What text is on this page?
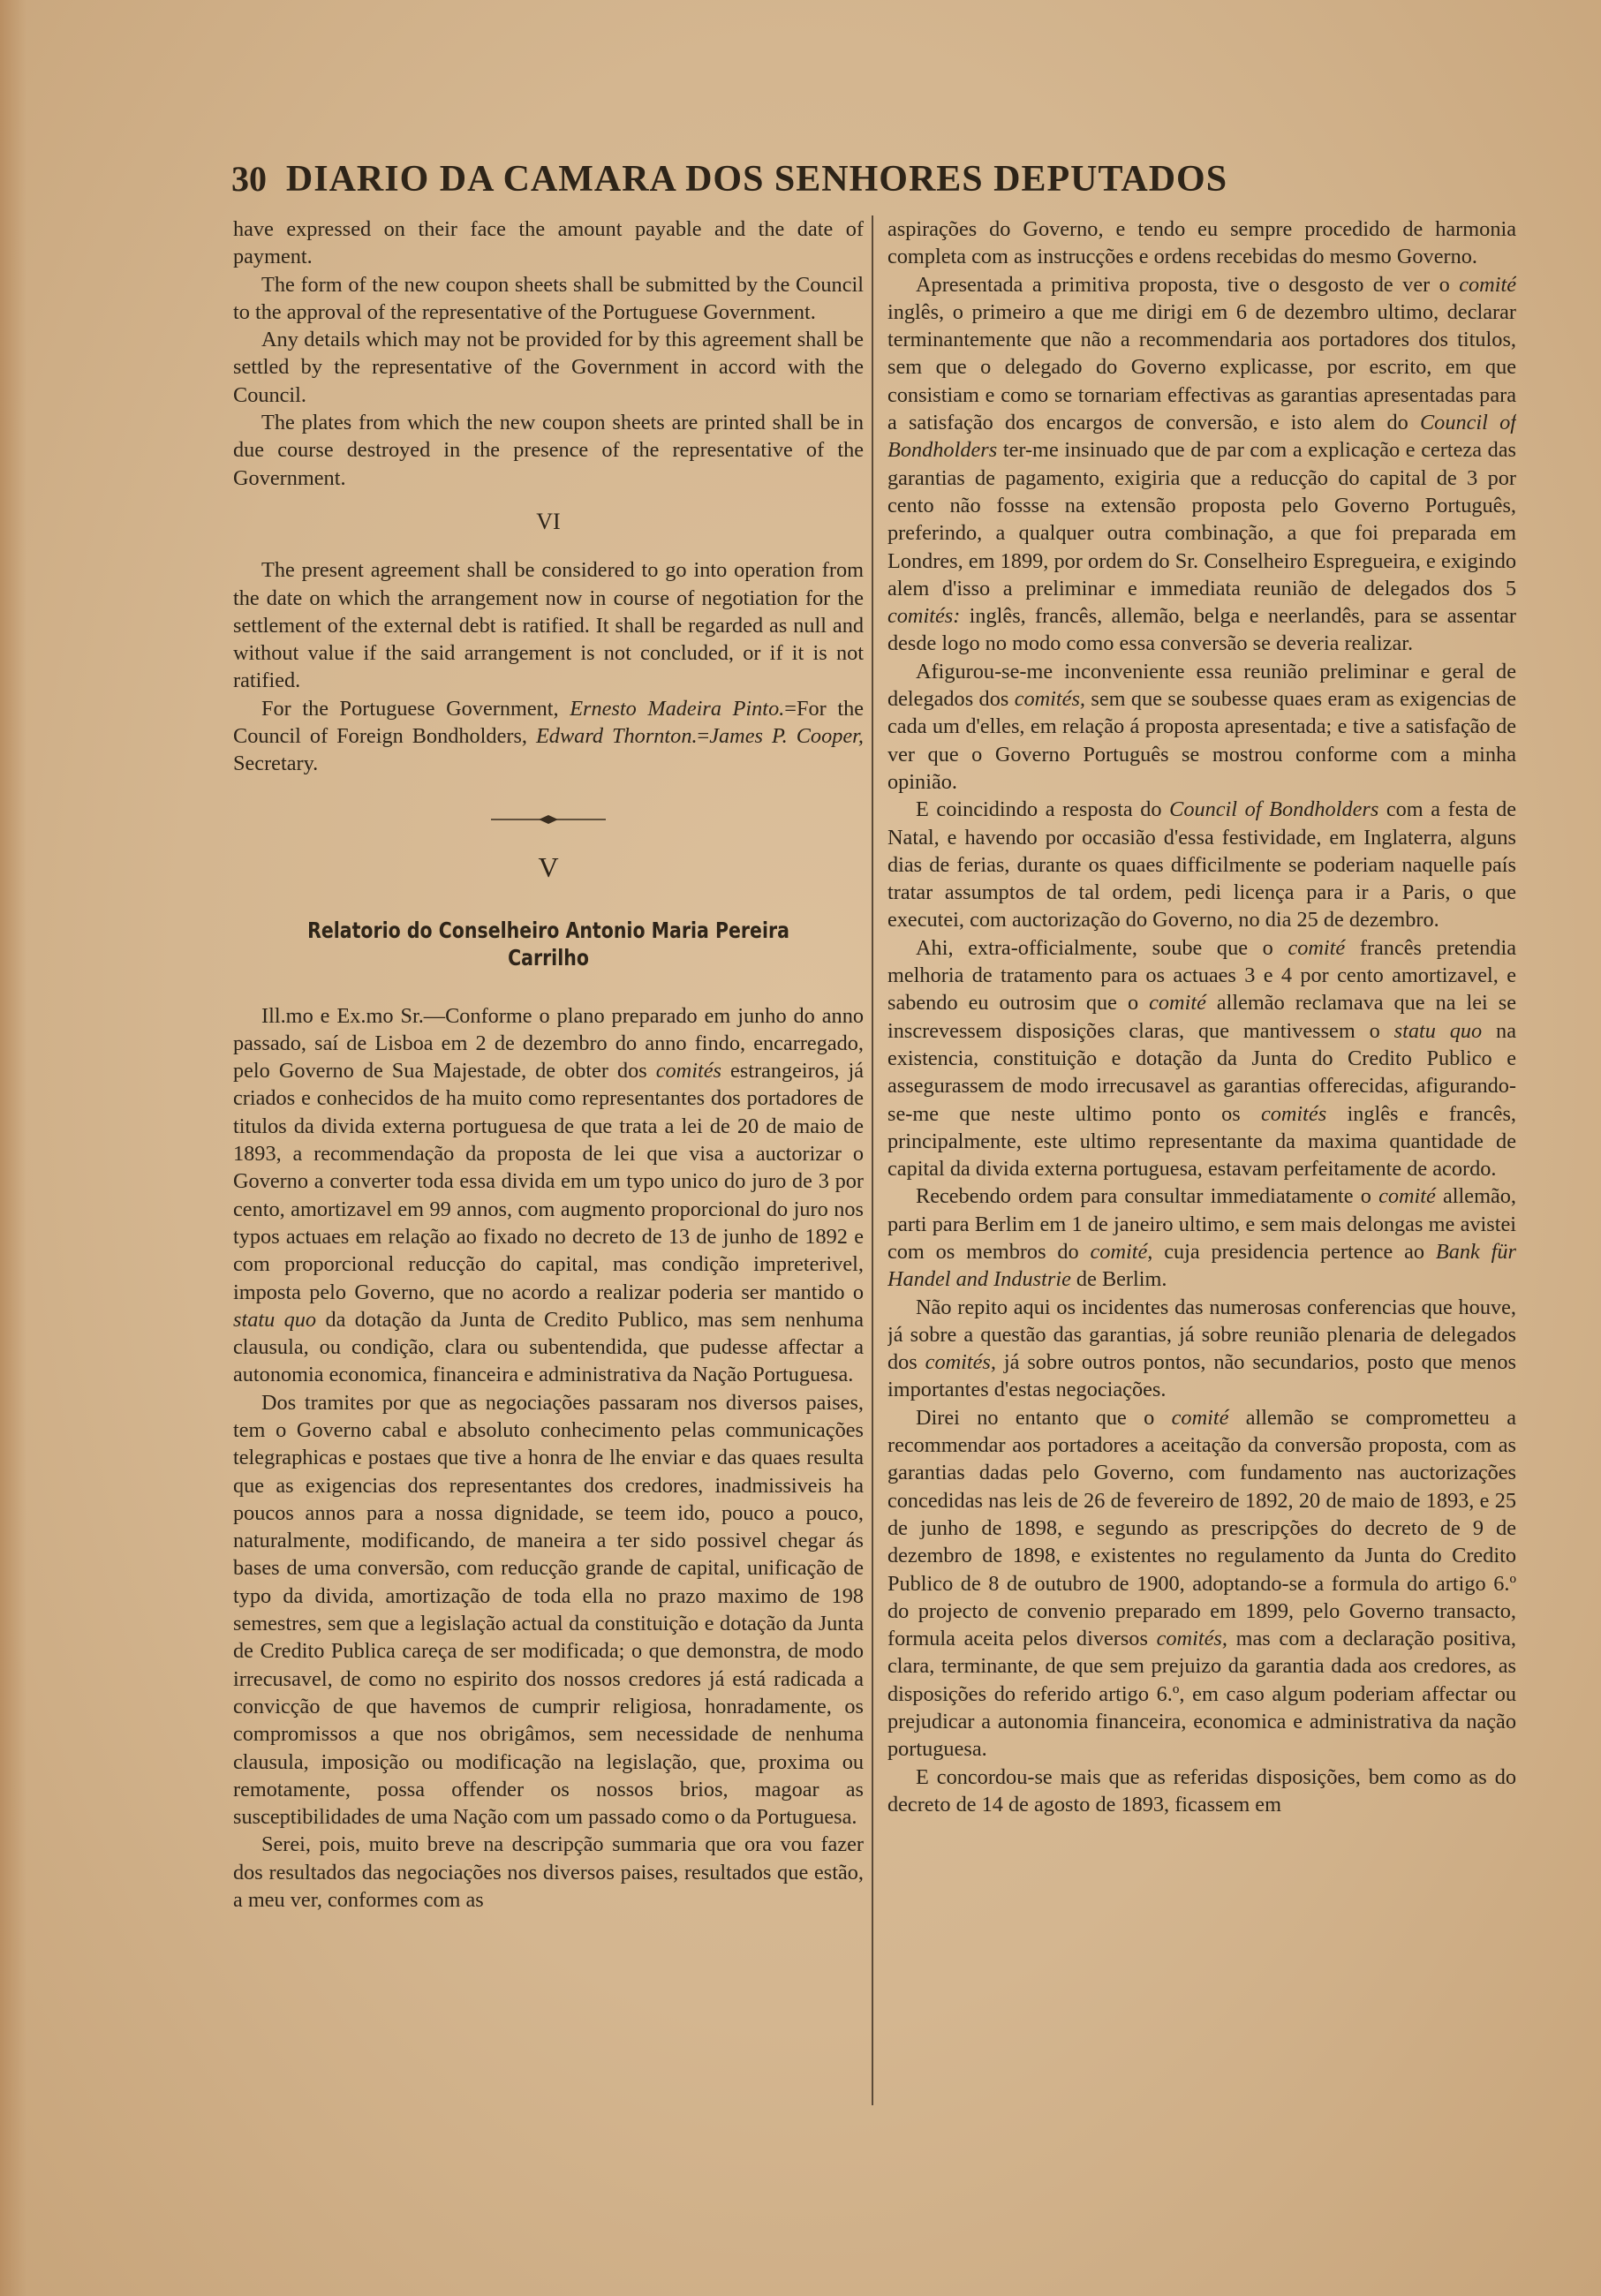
30 DIARIO DA CAMARA DOS SENHORES DEPUTADOS

have expressed on their face the amount payable and the date of payment.

The form of the new coupon sheets shall be submitted by the Council to the approval of the representative of the Portuguese Government.

Any details which may not be provided for by this agreement shall be settled by the representative of the Government in accord with the Council.

The plates from which the new coupon sheets are printed shall be in due course destroyed in the presence of the representative of the Government.

VI

The present agreement shall be considered to go into operation from the date on which the arrangement now in course of negotiation for the settlement of the external debt is ratified. It shall be regarded as null and without value if the said arrangement is not concluded, or if it is not ratified.

For the Portuguese Government, Ernesto Madeira Pinto.=For the Council of Foreign Bondholders, Edward Thornton.=James P. Cooper, Secretary.

V

Relatorio do Conselheiro Antonio Maria Pereira Carrilho

Ill.mo e Ex.mo Sr.—Conforme o plano preparado em junho do anno passado, saí de Lisboa em 2 de dezembro do anno findo, encarregado, pelo Governo de Sua Majestade, de obter dos comités estrangeiros, já criados e conhecidos de ha muito como representantes dos portadores de titulos da divida externa portuguesa de que trata a lei de 20 de maio de 1893, a recommendação da proposta de lei que visa a auctorizar o Governo a converter toda essa divida em um typo unico do juro de 3 por cento, amortizavel em 99 annos, com augmento proporcional do juro nos typos actuaes em relação ao fixado no decreto de 13 de junho de 1892 e com proporcional reducção do capital, mas condição impreterivel, imposta pelo Governo, que no acordo a realizar poderia ser mantido o statu quo da dotação da Junta de Credito Publico, mas sem nenhuma clausula, ou condição, clara ou subentendida, que pudesse affectar a autonomia economica, financeira e administrativa da Nação Portuguesa.

Dos tramites por que as negociações passaram nos diversos paises, tem o Governo cabal e absoluto conhecimento pelas communicações telegraphicas e postaes que tive a honra de lhe enviar e das quaes resulta que as exigencias dos representantes dos credores, inadmissiveis ha poucos annos para a nossa dignidade, se teem ido, pouco a pouco, naturalmente, modificando, de maneira a ter sido possivel chegar ás bases de uma conversão, com reducção grande de capital, unificação de typo da divida, amortização de toda ella no prazo maximo de 198 semestres, sem que a legislação actual da constituição e dotação da Junta de Credito Publica careça de ser modificada; o que demonstra, de modo irrecusavel, de como no espirito dos nossos credores já está radicada a convicção de que havemos de cumprir religiosa, honradamente, os compromissos a que nos obrigâmos, sem necessidade de nenhuma clausula, imposição ou modificação na legislação, que, proxima ou remotamente, possa offender os nossos brios, magoar as susceptibilidades de uma Nação com um passado como o da Portuguesa.

Serei, pois, muito breve na descripção summaria que ora vou fazer dos resultados das negociações nos diversos paises, resultados que estão, a meu ver, conformes com as

aspirações do Governo, e tendo eu sempre procedido de harmonia completa com as instrucções e ordens recebidas do mesmo Governo.

Apresentada a primitiva proposta, tive o desgosto de ver o comité inglês, o primeiro a que me dirigi em 6 de dezembro ultimo, declarar terminantemente que não a recommendaria aos portadores dos titulos, sem que o delegado do Governo explicasse, por escrito, em que consistiam e como se tornariam effectivas as garantias apresentadas para a satisfação dos encargos de conversão, e isto alem do Council of Bondholders ter-me insinuado que de par com a explicação e certeza das garantias de pagamento, exigiria que a reducção do capital de 3 por cento não fossse na extensão proposta pelo Governo Português, preferindo, a qualquer outra combinação, a que foi preparada em Londres, em 1899, por ordem do Sr. Conselheiro Espregueira, e exigindo alem d'isso a preliminar e immediata reunião de delegados dos 5 comités: inglês, francês, allemão, belga e neerlandês, para se assentar desde logo no modo como essa conversão se deveria realizar.

Afigurou-se-me inconveniente essa reunião preliminar e geral de delegados dos comités, sem que se soubesse quaes eram as exigencias de cada um d'elles, em relação á proposta apresentada; e tive a satisfação de ver que o Governo Português se mostrou conforme com a minha opinião.

E coincidindo a resposta do Council of Bondholders com a festa de Natal, e havendo por occasião d'essa festividade, em Inglaterra, alguns dias de ferias, durante os quaes difficilmente se poderiam naquelle país tratar assumptos de tal ordem, pedi licença para ir a Paris, o que executei, com auctorização do Governo, no dia 25 de dezembro.

Ahi, extra-officialmente, soube que o comité francês pretendia melhoria de tratamento para os actuaes 3 e 4 por cento amortizavel, e sabendo eu outrosim que o comité allemão reclamava que na lei se inscrevessem disposições claras, que mantivessem o statu quo na existencia, constituição e dotação da Junta do Credito Publico e assegurassem de modo irrecusavel as garantias offerecidas, afigurando-se-me que neste ultimo ponto os comités inglês e francês, principalmente, este ultimo representante da maxima quantidade de capital da divida externa portuguesa, estavam perfeitamente de acordo.

Recebendo ordem para consultar immediatamente o comité allemão, parti para Berlim em 1 de janeiro ultimo, e sem mais delongas me avistei com os membros do comité, cuja presidencia pertence ao Bank für Handel and Industrie de Berlim.

Não repito aqui os incidentes das numerosas conferencias que houve, já sobre a questão das garantias, já sobre reunião plenaria de delegados dos comités, já sobre outros pontos, não secundarios, posto que menos importantes d'estas negociações.

Direi no entanto que o comité allemão se comprometteu a recommendar aos portadores a aceitação da conversão proposta, com as garantias dadas pelo Governo, com fundamento nas auctorizações concedidas nas leis de 26 de fevereiro de 1892, 20 de maio de 1893, e 25 de junho de 1898, e segundo as prescripções do decreto de 9 de dezembro de 1898, e existentes no regulamento da Junta do Credito Publico de 8 de outubro de 1900, adoptando-se a formula do artigo 6.º do projecto de convenio preparado em 1899, pelo Governo transacto, formula aceita pelos diversos comités, mas com a declaração positiva, clara, terminante, de que sem prejuizo da garantia dada aos credores, as disposições do referido artigo 6.º, em caso algum poderiam affectar ou prejudicar a autonomia financeira, economica e administrativa da nação portuguesa.

E concordou-se mais que as referidas disposições, bem como as do decreto de 14 de agosto de 1893, ficassem em
